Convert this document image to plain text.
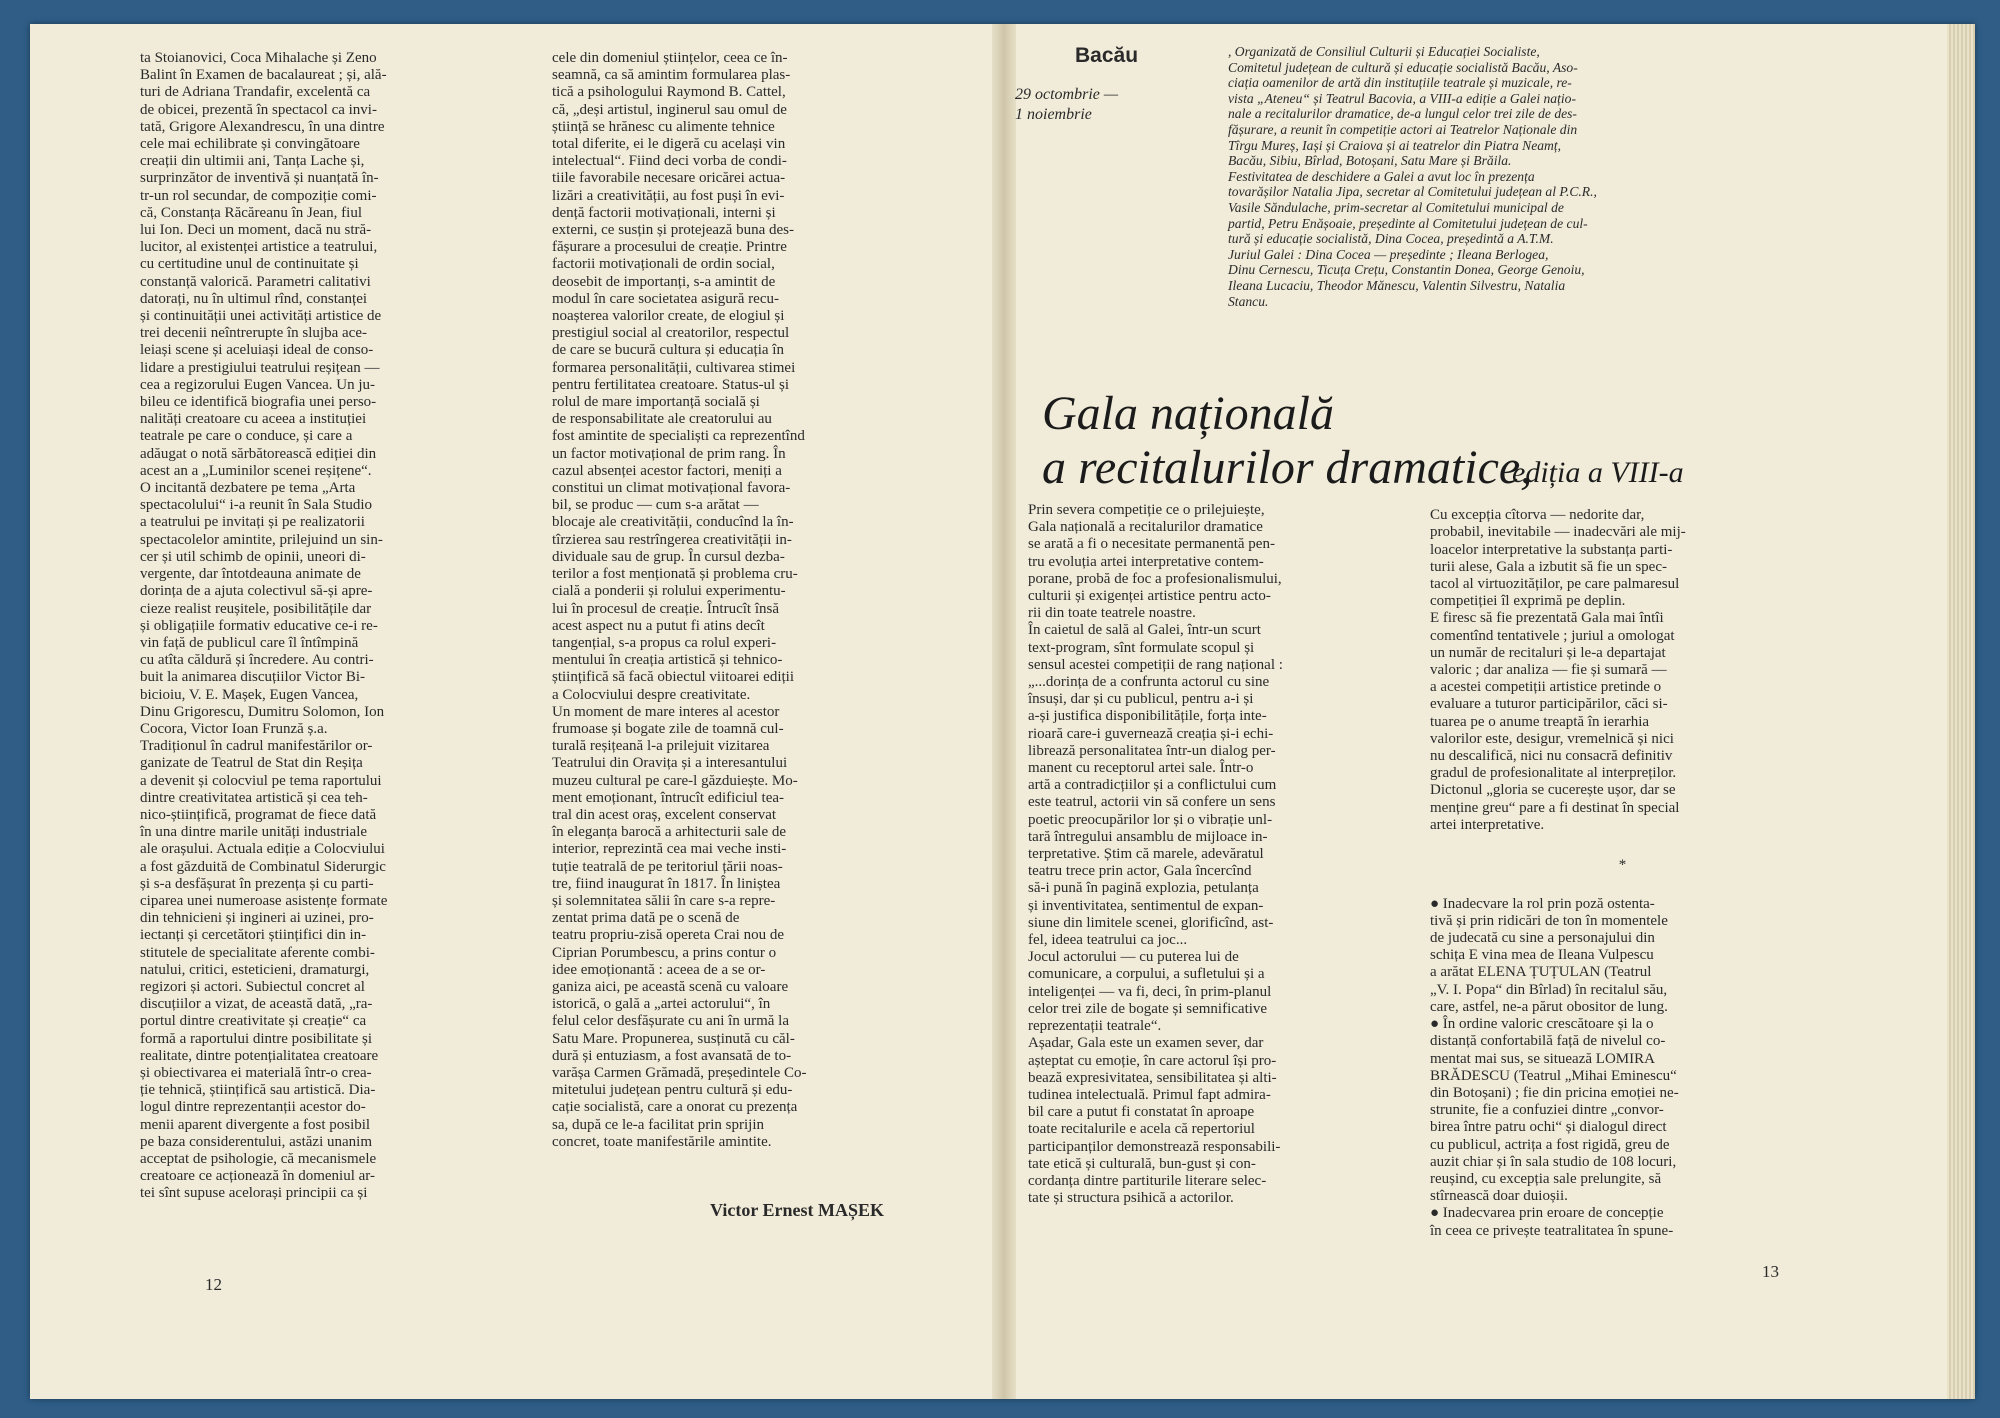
ta Stoianovici, Coca Mihalache și Zeno
Balint în Examen de bacalaureat ; și, ală-
turi de Adriana Trandafir, excelentă ca
de obicei, prezentă în spectacol ca invi-
tată, Grigore Alexandrescu, în una dintre
cele mai echilibrate și convingătoare
creații din ultimii ani, Tanța Lache și,
surprinzător de inventivă și nuanțată în-
tr-un rol secundar, de compoziție comi-
că, Constanța Răcăreanu în Jean, fiul
lui Ion. Deci un moment, dacă nu stră-
lucitor, al existenței artistice a teatrului,
cu certitudine unul de continuitate și
constanță valorică. Parametri calitativi
datorați, nu în ultimul rînd, constanței
și continuității unei activități artistice de
trei decenii neîntrerupte în slujba ace-
leiași scene și aceluiași ideal de conso-
lidare a prestigiului teatrului reșițean —
cea a regizorului Eugen Vancea. Un ju-
bileu ce identifică biografia unei perso-
nalități creatoare cu aceea a instituției
teatrale pe care o conduce, și care a
adăugat o notă sărbătorească ediției din
acest an a „Luminilor scenei reșițene“.
O incitantă dezbatere pe tema „Arta
spectacolului“ i-a reunit în Sala Studio
a teatrului pe invitați și pe realizatorii
spectacolelor amintite, prilejuind un sin-
cer și util schimb de opinii, uneori di-
vergente, dar întotdeauna animate de
dorința de a ajuta colectivul să-și apre-
cieze realist reușitele, posibilitățile dar
și obligațiile formativ educative ce-i re-
vin față de publicul care îl întîmpină
cu atîta căldură și încredere. Au contri-
buit la animarea discuțiilor Victor Bi-
bicioiu, V. E. Mașek, Eugen Vancea,
Dinu Grigorescu, Dumitru Solomon, Ion
Cocora, Victor Ioan Frunză ș.a.
Tradiționul în cadrul manifestărilor or-
ganizate de Teatrul de Stat din Reșița
a devenit și colocviul pe tema raportului
dintre creativitatea artistică și cea teh-
nico-științifică, programat de fiece dată
în una dintre marile unități industriale
ale orașului. Actuala ediție a Colocviului
a fost găzduită de Combinatul Siderurgic
și s-a desfășurat în prezența și cu parti-
ciparea unei numeroase asistențe formate
din tehnicieni și ingineri ai uzinei, pro-
iectanți și cercetători științifici din in-
stitutele de specialitate aferente combi-
natului, critici, esteticieni, dramaturgi,
regizori și actori. Subiectul concret al
discuțiilor a vizat, de această dată, „ra-
portul dintre creativitate și creație“ ca
formă a raportului dintre posibilitate și
realitate, dintre potențialitatea creatoare
și obiectivarea ei materială într-o crea-
ție tehnică, științifică sau artistică. Dia-
logul dintre reprezentanții acestor do-
menii aparent divergente a fost posibil
pe baza considerentului, astăzi unanim
acceptat de psihologie, că mecanismele
creatoare ce acționează în domeniul ar-
tei sînt supuse acelorași principii ca și
cele din domeniul științelor, ceea ce în-
seamnă, ca să amintim formularea plas-
tică a psihologului Raymond B. Cattel,
că, „deși artistul, inginerul sau omul de
știință se hrănesc cu alimente tehnice
total diferite, ei le digeră cu același vin
intelectual“. Fiind deci vorba de condi-
tiile favorabile necesare oricărei actua-
lizări a creativității, au fost puși în evi-
dență factorii motivaționali, interni și
externi, ce susțin și protejează buna des-
fășurare a procesului de creație. Printre
factorii motivaționali de ordin social,
deosebit de importanți, s-a amintit de
modul în care societatea asigură recu-
noașterea valorilor create, de elogiul și
prestigiul social al creatorilor, respectul
de care se bucură cultura și educația în
formarea personalității, cultivarea stimei
pentru fertilitatea creatoare. Status-ul și
rolul de mare importanță socială și
de responsabilitate ale creatorului au
fost amintite de specialiști ca reprezentînd
un factor motivațional de prim rang. În
cazul absenței acestor factori, meniți a
constitui un climat motivațional favora-
bil, se produc — cum s-a arătat —
blocaje ale creativității, conducînd la în-
tîrzierea sau restrîngerea creativității in-
dividuale sau de grup. În cursul dezba-
terilor a fost menționată și problema cru-
cială a ponderii și rolului experimentu-
lui în procesul de creație. Întrucît însă
acest aspect nu a putut fi atins decît
tangențial, s-a propus ca rolul experi-
mentului în creația artistică și tehnico-
științifică să facă obiectul viitoarei ediții
a Colocviului despre creativitate.
Un moment de mare interes al acestor
frumoase și bogate zile de toamnă cul-
turală reșițeană l-a prilejuit vizitarea
Teatrului din Oravița și a interesantului
muzeu cultural pe care-l găzduiește. Mo-
ment emoționant, întrucît edificiul tea-
tral din acest oraș, excelent conservat
în eleganța barocă a arhitecturii sale de
interior, reprezintă cea mai veche insti-
tuție teatrală de pe teritoriul țării noas-
tre, fiind inaugurat în 1817. În liniștea
și solemnitatea sălii în care s-a repre-
zentat prima dată pe o scenă de
teatru propriu-zisă opereta Crai nou de
Ciprian Porumbescu, a prins contur o
idee emoționantă : aceea de a se or-
ganiza aici, pe această scenă cu valoare
istorică, o gală a „artei actorului“, în
felul celor desfășurate cu ani în urmă la
Satu Mare. Propunerea, susținută cu căl-
dură și entuziasm, a fost avansată de to-
varășa Carmen Grămadă, președintele Co-
mitetului județean pentru cultură și edu-
cație socialistă, care a onorat cu prezența
sa, după ce le-a facilitat prin sprijin
concret, toate manifestările amintite.
Victor Ernest MAȘEK
12
Bacău
29 octombrie —
1 noiembrie
, Organizată de Consiliul Culturii și Educației Socialiste,
Comitetul județean de cultură și educație socialistă Bacău, Aso-
ciația oamenilor de artă din instituțiile teatrale și muzicale, re-
vista „Ateneu“ și Teatrul Bacovia, a VIII-a ediție a Galei națio-
nale a recitalurilor dramatice, de-a lungul celor trei zile de des-
fășurare, a reunit în competiție actori ai Teatrelor Naționale din
Tîrgu Mureș, Iași și Craiova și ai teatrelor din Piatra Neamț,
Bacău, Sibiu, Bîrlad, Botoșani, Satu Mare și Brăila.
Festivitatea de deschidere a Galei a avut loc în prezența
tovarășilor Natalia Jipa, secretar al Comitetului județean al P.C.R.,
Vasile Săndulache, prim-secretar al Comitetului municipal de
partid, Petru Enășoaie, președinte al Comitetului județean de cul-
tură și educație socialistă, Dina Cocea, președintă a A.T.M.
Juriul Galei : Dina Cocea — președinte ; Ileana Berlogea,
Dinu Cernescu, Ticuța Crețu, Constantin Donea, George Genoiu,
Ileana Lucaciu, Theodor Mănescu, Valentin Silvestru, Natalia
Stancu.
Gala națională
a recitalurilor dramatice,
ediția a VIII-a
Prin severa competiție ce o prilejuiește,
Gala națională a recitalurilor dramatice
se arată a fi o necesitate permanentă pen-
tru evoluția artei interpretative contem-
porane, probă de foc a profesionalismului,
culturii și exigenței artistice pentru acto-
rii din toate teatrele noastre.
În caietul de sală al Galei, într-un scurt
text-program, sînt formulate scopul și
sensul acestei competiții de rang național :
„...dorința de a confrunta actorul cu sine
însuși, dar și cu publicul, pentru a-i și
a-și justifica disponibilitățile, forța inte-
rioară care-i guvernează creația și-i echi-
librează personalitatea într-un dialog per-
manent cu receptorul artei sale. Într-o
artă a contradicțiilor și a conflictului cum
este teatrul, actorii vin să confere un sens
poetic preocupărilor lor și o vibrație unl-
tară întregului ansamblu de mijloace in-
terpretative. Știm că marele, adevăratul
teatru trece prin actor, Gala încercînd
să-i pună în pagină explozia, petulanța
și inventivitatea, sentimentul de expan-
siune din limitele scenei, glorificînd, ast-
fel, ideea teatrului ca joc...
Jocul actorului — cu puterea lui de
comunicare, a corpului, a sufletului și a
inteligenței — va fi, deci, în prim-planul
celor trei zile de bogate și semnificative
reprezentații teatrale“.
Așadar, Gala este un examen sever, dar
așteptat cu emoție, în care actorul își pro-
bează expresivitatea, sensibilitatea și alti-
tudinea intelectuală. Primul fapt admira-
bil care a putut fi constatat în aproape
toate recitalurile e acela că repertoriul
participanților demonstrează responsabili-
tate etică și culturală, bun-gust și con-
cordanța dintre partiturile literare selec-
tate și structura psihică a actorilor.

Cu excepția cîtorva — nedorite dar,
probabil, inevitabile — inadecvări ale mij-
loacelor interpretative la substanța parti-
turii alese, Gala a izbutit să fie un spec-
tacol al virtuozităților, pe care palmaresul
competiției îl exprimă pe deplin.
E firesc să fie prezentată Gala mai întîi
comentînd tentativele ; juriul a omologat
un număr de recitaluri și le-a departajat
valoric ; dar analiza — fie și sumară —
a acestei competiții artistice pretinde o
evaluare a tuturor participărilor, căci si-
tuarea pe o anume treaptă în ierarhia
valorilor este, desigur, vremelnică și nici
nu descalifică, nici nu consacră definitiv
gradul de profesionalitate al interpreților.
Dictonul „gloria se cucerește ușor, dar se
menține greu“ pare a fi destinat în special
artei interpretative.

*

● Inadecvare la rol prin poză ostenta-
tivă și prin ridicări de ton în momentele
de judecată cu sine a personajului din
schița E vina mea de Ileana Vulpescu
a arătat ELENA ȚUȚULAN (Teatrul
„V. I. Popa“ din Bîrlad) în recitalul său,
care, astfel, ne-a părut obositor de lung.
● În ordine valoric crescătoare și la o
distanță confortabilă față de nivelul co-
mentat mai sus, se situează LOMIRA
BRĂDESCU (Teatrul „Mihai Eminescu“
din Botoșani) ; fie din pricina emoției ne-
strunite, fie a confuziei dintre „convor-
birea între patru ochi“ și dialogul direct
cu publicul, actrița a fost rigidă, greu de
auzit chiar și în sala studio de 108 locuri,
reușind, cu excepția sale prelungite, să
stîrnească doar duioșii.
● Inadecvarea prin eroare de concepție
în ceea ce privește teatralitatea în spune-

13
